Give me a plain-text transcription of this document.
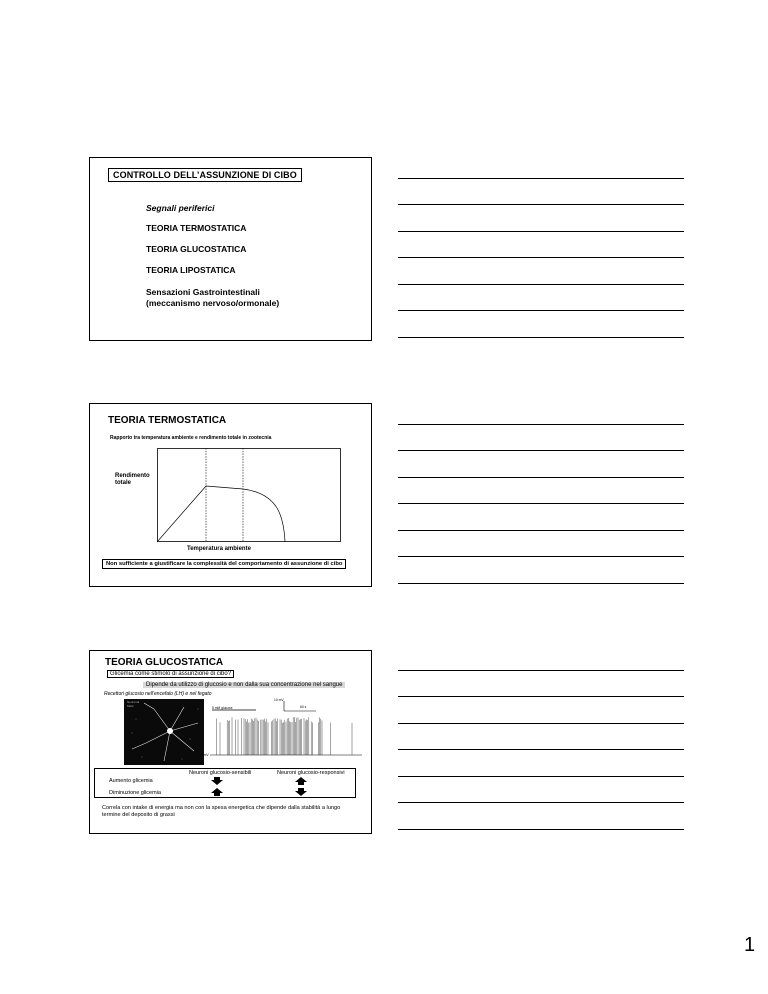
CONTROLLO DELL’ASSUNZIONE DI CIBO
Segnali periferici
TEORIA TERMOSTATICA
TEORIA GLUCOSTATICA
TEORIA LIPOSTATICA
Sensazioni Gastrointestinali
(meccanismo nervoso/ormonale)
TEORIA TERMOSTATICA
Rapporto tra temperatura ambiente e rendimento totale in zootecnia
Rendimento
totale
Temperatura ambiente
Non sufficiente a giustificare la complessità del comportamento di assunzione di cibo
TEORIA GLUCOSTATICA
Glicemia come stimolo di assunzione di cibo?
Dipende da utilizzo di glucosio e non dalla sua concentrazione nel sangue
Recettori glucosio nell’encefalo (LH) e nel fegato
Neuronal
Mark
5 mM glucose
10 mV
60 s
-45 mV
Neuroni glucosio-sensibili	Neuroni glucosio-responsivi
Aumento glicemia
Diminuzione glicemia
Correla con intake di energia ma non con la spesa energetica che dipende dalla stabilità a lungo termine del deposito di grassi
1
